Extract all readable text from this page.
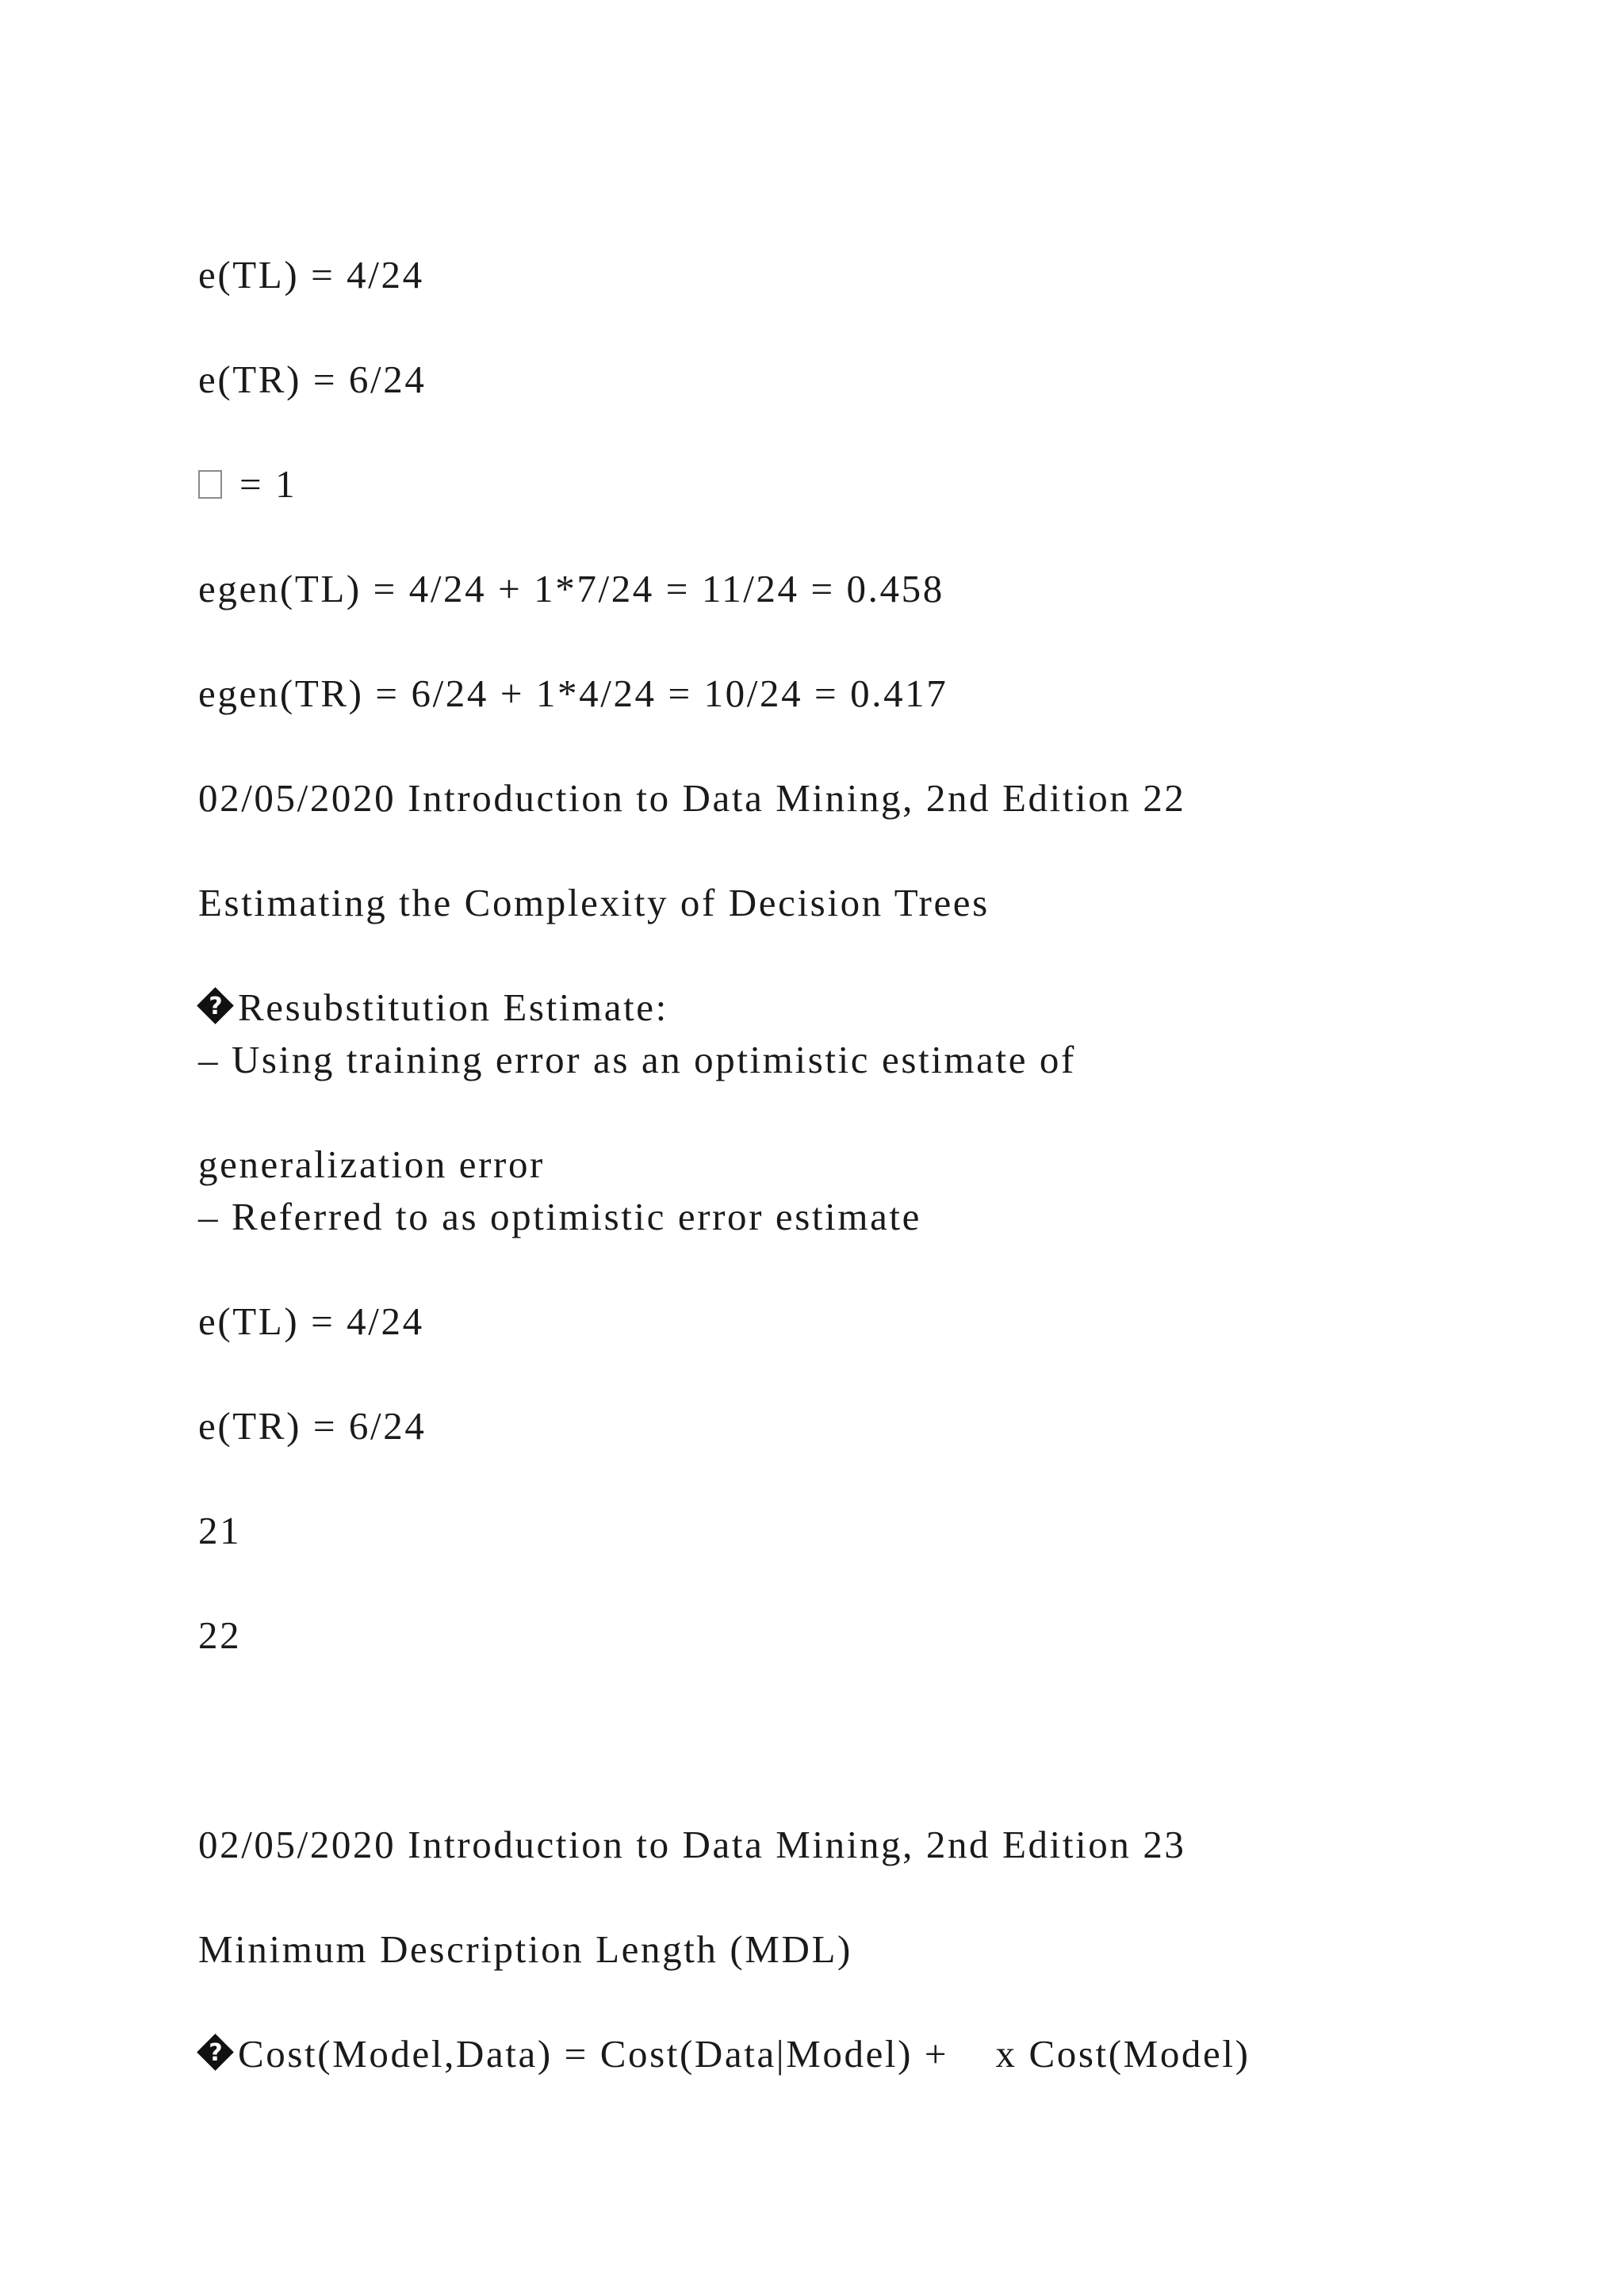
e(TL) = 4/24
e(TR) = 6/24
= 1
egen(TL) = 4/24 + 1*7/24 = 11/24 = 0.458
egen(TR) = 6/24 + 1*4/24 = 10/24 = 0.417
02/05/2020 Introduction to Data Mining, 2nd Edition 22
Estimating the Complexity of Decision Trees
? Resubstitution Estimate:
– Using training error as an optimistic estimate of
generalization error
– Referred to as optimistic error estimate
e(TL) = 4/24
e(TR) = 6/24
21
22
02/05/2020 Introduction to Data Mining, 2nd Edition 23
Minimum Description Length (MDL)
? Cost(Model,Data) = Cost(Data|Model) +    x Cost(Model)
